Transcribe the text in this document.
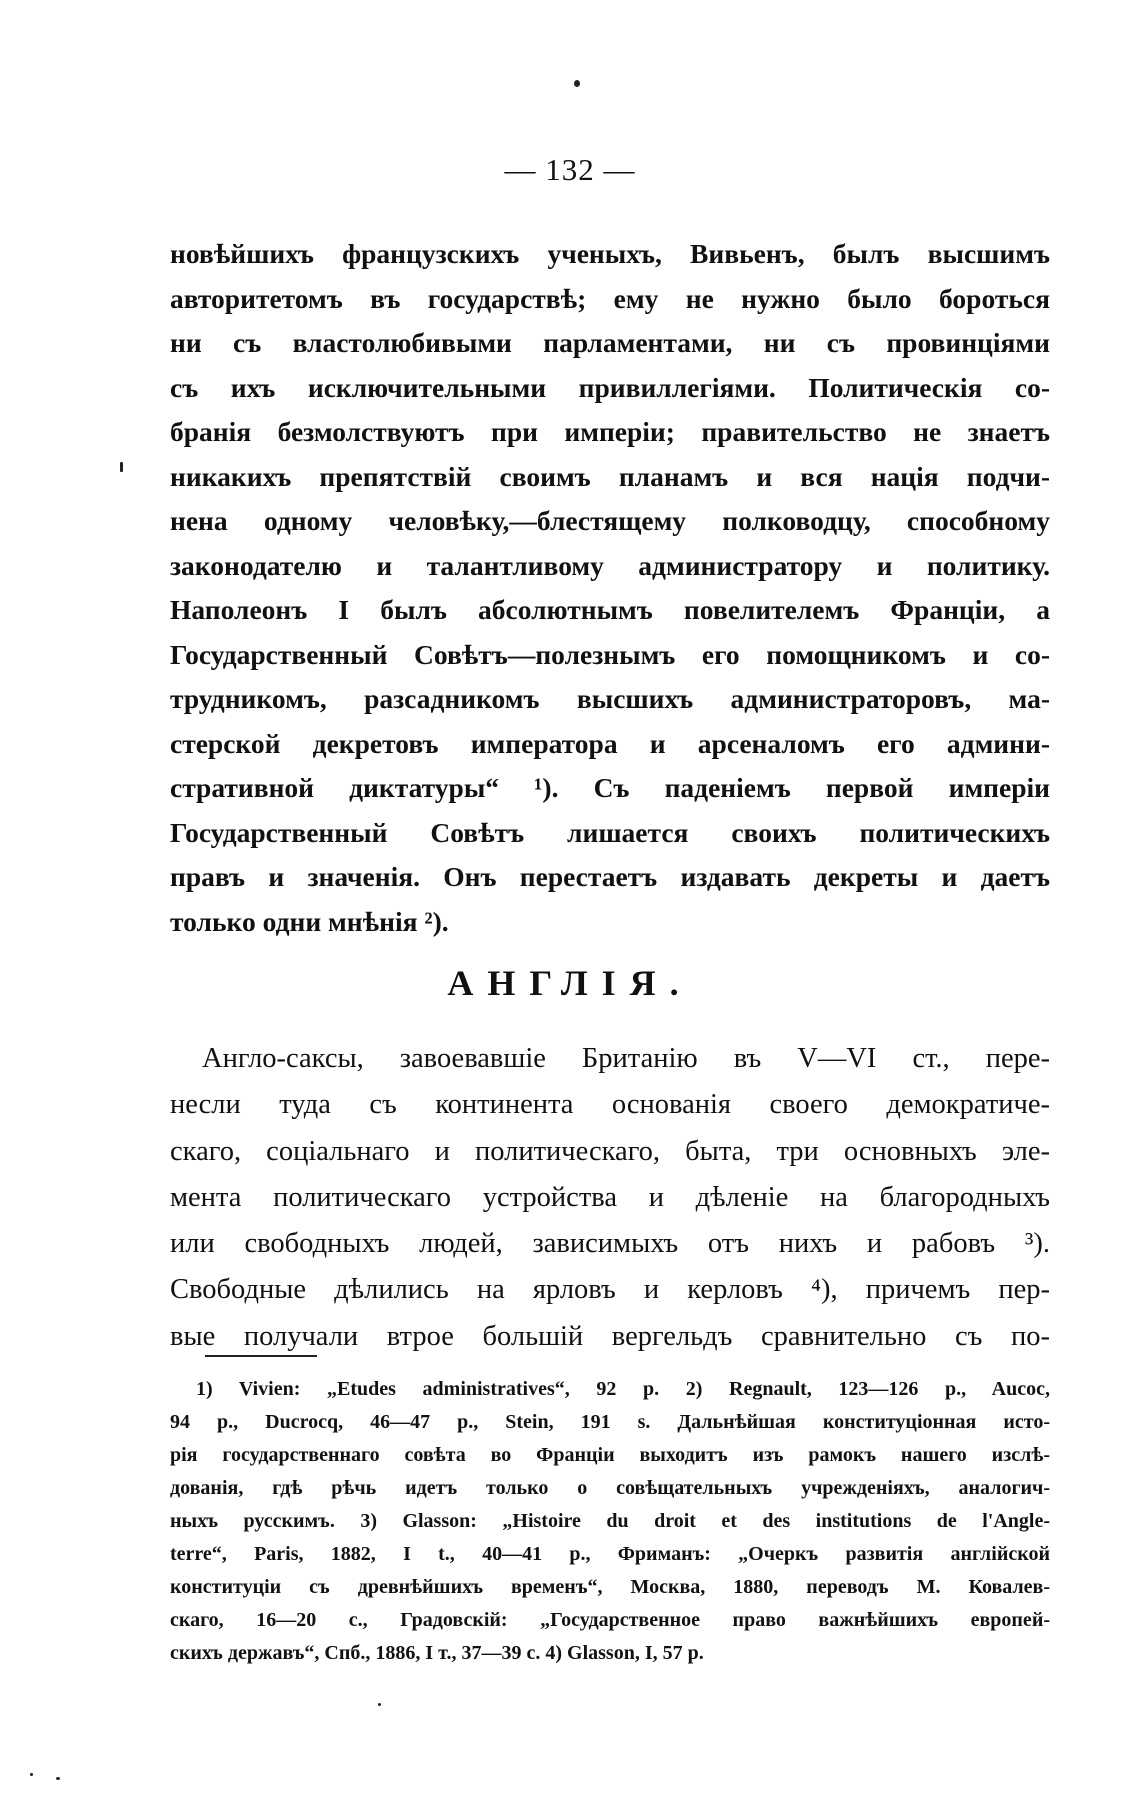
— 132 —
новѣйшихъ французскихъ ученыхъ, Вивьенъ, былъ высшимъ
авторитетомъ въ государствѣ; ему не нужно было бороться
ни съ властолюбивыми парламентами, ни съ провинціями
съ ихъ исключительными привиллегіями. Политическія со-
бранія безмолствуютъ при имперіи; правительство не знаетъ
никакихъ препятствій своимъ планамъ и вся нація подчи-
нена одному человѣку,—блестящему полководцу, способному
законодателю и талантливому администратору и политику.
Наполеонъ I былъ абсолютнымъ повелителемъ Франціи, а
Государственный Совѣтъ—полезнымъ его помощникомъ и со-
трудникомъ, разсадникомъ высшихъ администраторовъ, ма-
стерской декретовъ императора и арсеналомъ его админи-
стративной диктатуры“ ¹). Съ паденіемъ первой имперіи
Государственный Совѣтъ лишается своихъ политическихъ
правъ и значенія. Онъ перестаетъ издавать декреты и даетъ
только одни мнѣнія ²).
АНГЛІЯ.
Англо-саксы, завоевавшіе Британію въ V—VI ст., пере-
несли туда съ континента основанія своего демократиче-
скаго, соціальнаго и политическаго, быта, три основныхъ эле-
мента политическаго устройства и дѣленіе на благородныхъ
или свободныхъ людей, зависимыхъ отъ нихъ и рабовъ ³).
Свободные дѣлились на ярловъ и керловъ ⁴), причемъ пер-
вые получали втрое большій вергельдъ сравнительно съ по-
1) Vivien: „Etudes administratives“, 92 p. 2) Regnault, 123—126 p., Aucoc,
94 p., Ducrocq, 46—47 p., Stein, 191 s. Дальнѣйшая конституціонная исто-
рія государственнаго совѣта во Франціи выходитъ изъ рамокъ нашего изслѣ-
дованія, гдѣ рѣчь идетъ только о совѣщательныхъ учрежденіяхъ, аналогич-
ныхъ русскимъ. 3) Glasson: „Histoire du droit et des institutions de l'Angle-
terre“, Paris, 1882, I t., 40—41 p., Фриманъ: „Очеркъ развитія англійской
конституціи съ древнѣйшихъ временъ“, Москва, 1880, переводъ М. Ковалев-
скаго, 16—20 с., Градовскій: „Государственное право важнѣйшихъ европей-
скихъ державъ“, Спб., 1886, I т., 37—39 с. 4) Glasson, I, 57 p.
